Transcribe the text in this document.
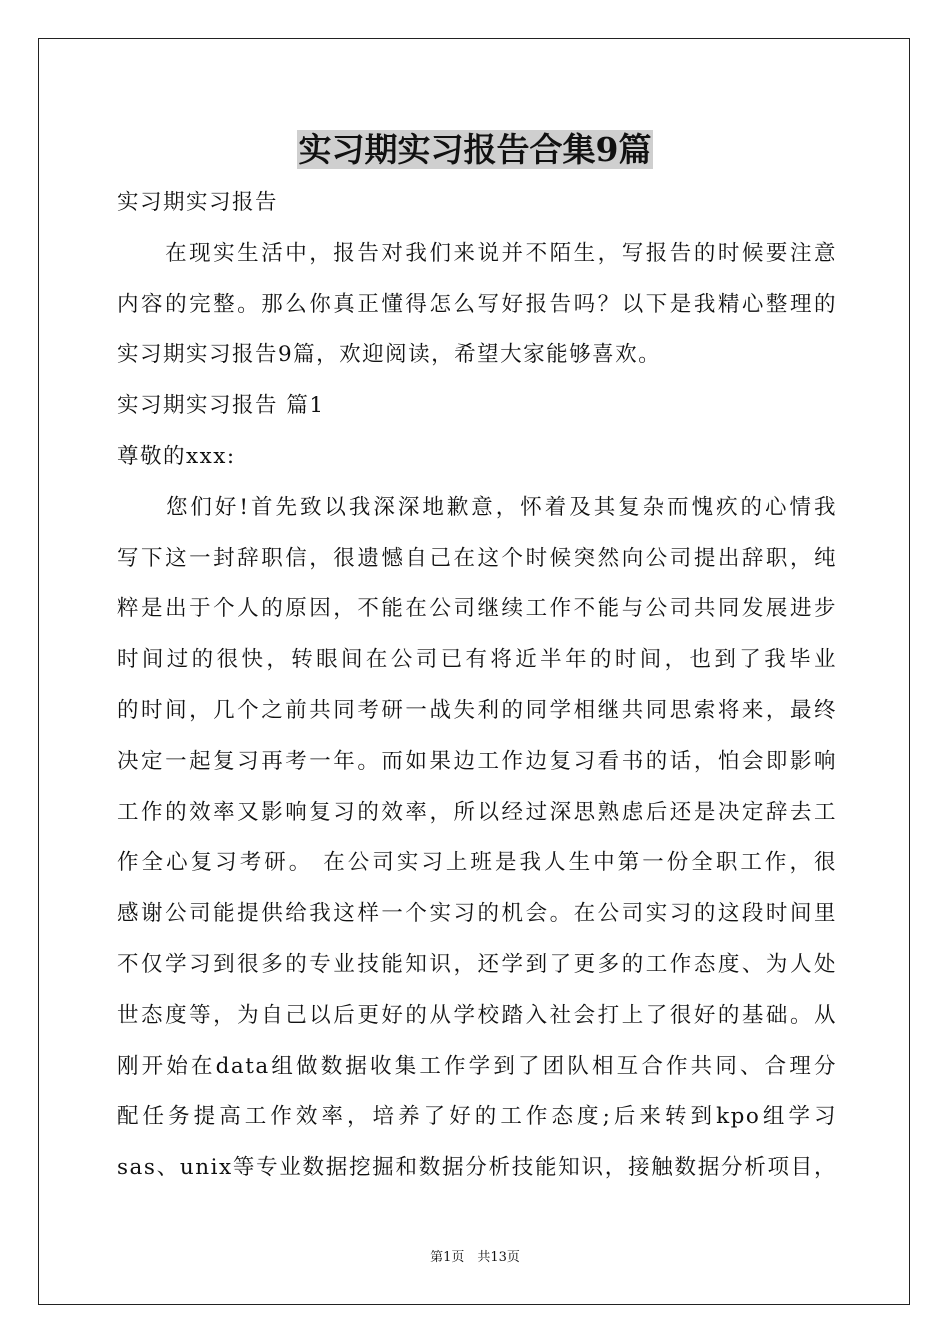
实习期实习报告合集9篇
实习期实习报告
　　在现实生活中，报告对我们来说并不陌生，写报告的时候要注意
内容的完整。那么你真正懂得怎么写好报告吗？以下是我精心整理的
实习期实习报告9篇，欢迎阅读，希望大家能够喜欢。
实习期实习报告 篇1
尊敬的xxx:
　　您们好!首先致以我深深地歉意，怀着及其复杂而愧疚的心情我
写下这一封辞职信，很遗憾自己在这个时候突然向公司提出辞职，纯
粹是出于个人的原因，不能在公司继续工作不能与公司共同发展进步
时间过的很快，转眼间在公司已有将近半年的时间，也到了我毕业
的时间，几个之前共同考研一战失利的同学相继共同思索将来，最终
决定一起复习再考一年。而如果边工作边复习看书的话，怕会即影响
工作的效率又影响复习的效率，所以经过深思熟虑后还是决定辞去工
作全心复习考研。 在公司实习上班是我人生中第一份全职工作，很
感谢公司能提供给我这样一个实习的机会。在公司实习的这段时间里
不仅学习到很多的专业技能知识，还学到了更多的工作态度、为人处
世态度等，为自己以后更好的从学校踏入社会打上了很好的基础。从
刚开始在data组做数据收集工作学到了团队相互合作共同、合理分
配任务提高工作效率，培养了好的工作态度;后来转到kpo组学习
sas、unix等专业数据挖掘和数据分析技能知识，接触数据分析项目，
第1页　共13页
